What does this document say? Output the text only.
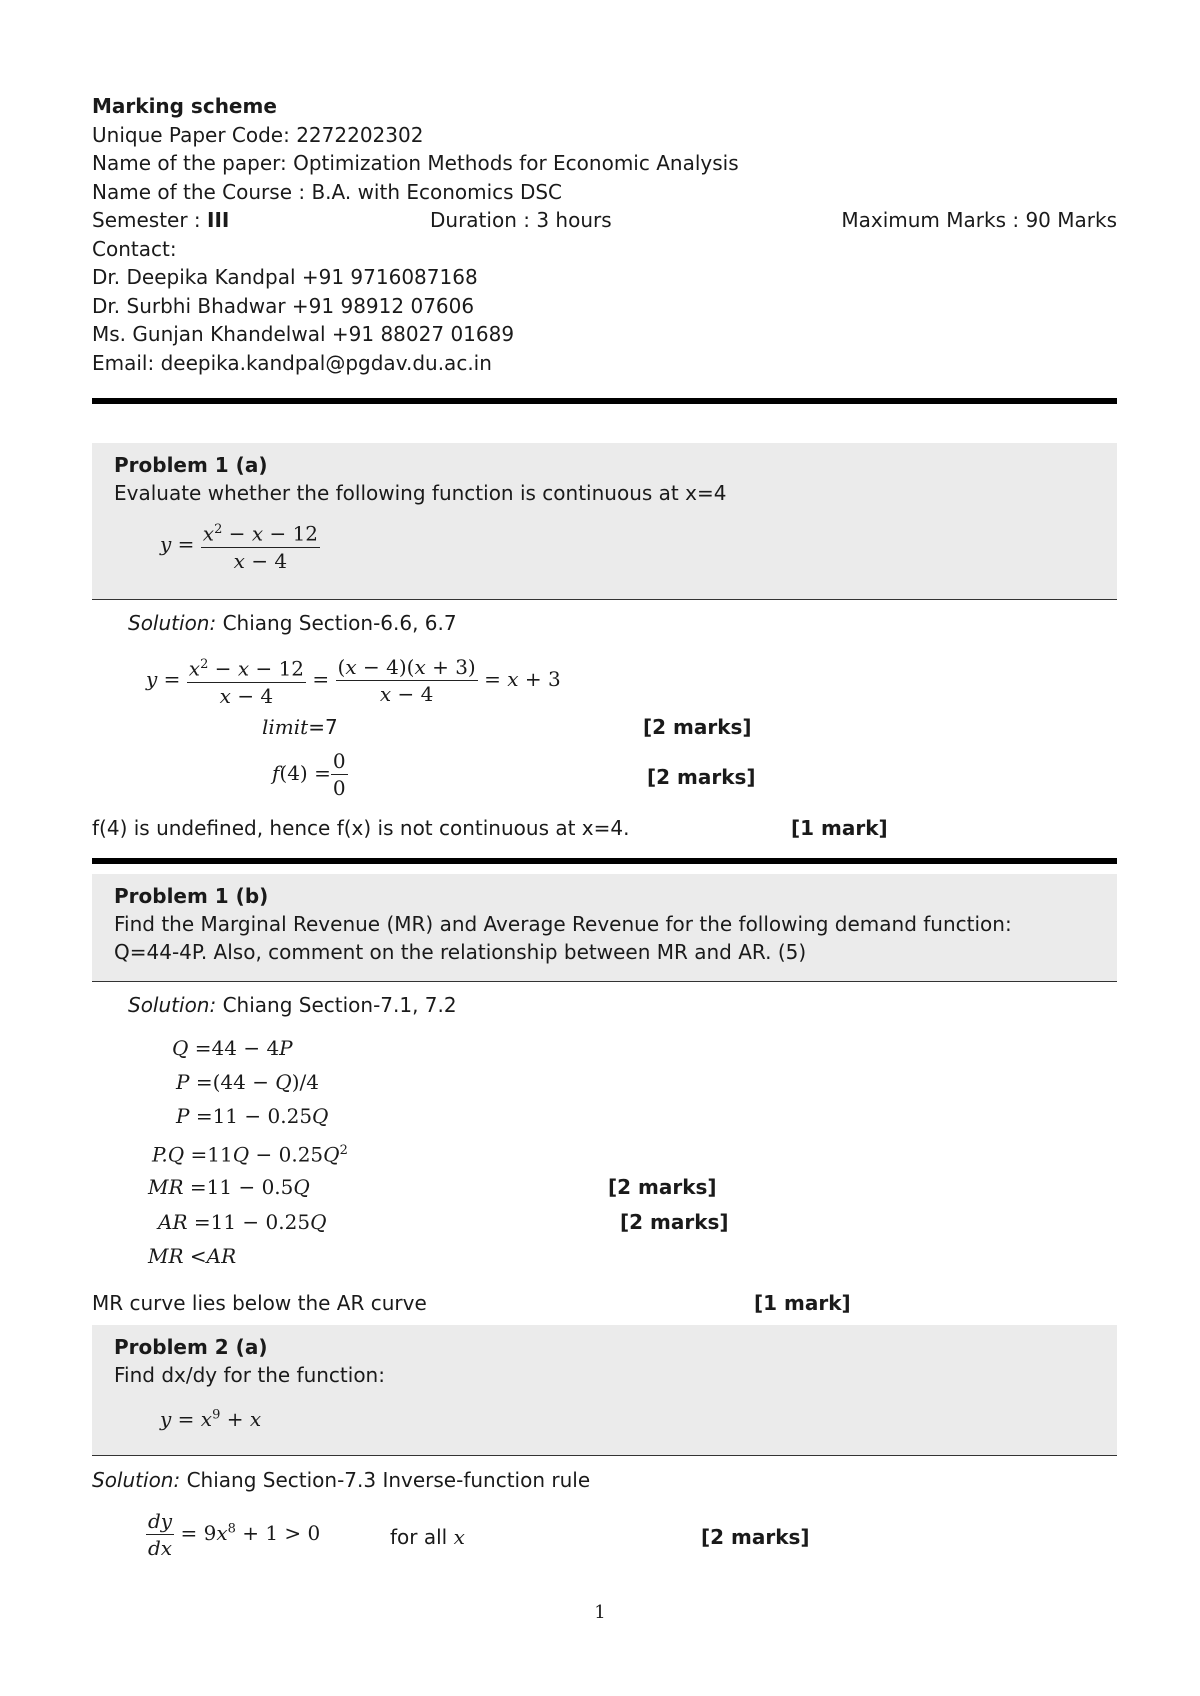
Marking scheme
Unique Paper Code: 2272202302
Name of the paper: Optimization Methods for Economic Analysis
Name of the Course : B.A. with Economics DSC
Semester : III	Duration : 3 hours	Maximum Marks : 90 Marks
Contact:
Dr. Deepika Kandpal +91 9716087168
Dr. Surbhi Bhadwar +91 98912 07606
Ms. Gunjan Khandelwal +91 88027 01689
Email: deepika.kandpal@pgdav.du.ac.in
Problem 1 (a)
Evaluate whether the following function is continuous at x=4
$y = \frac{x^2 - x - 12}{x - 4}$
Solution: Chiang Section-6.6, 6.7
$y = \frac{x^2 - x - 12}{x - 4} = \frac{(x - 4)(x + 3)}{x - 4} = x + 3$
limit=7	[2 marks]
$f(4) = \frac{0}{0}$	[2 marks]
f(4) is undefined, hence f(x) is not continuous at x=4.	[1 mark]
Problem 1 (b)
Find the Marginal Revenue (MR) and Average Revenue for the following demand function:
Q=44-4P. Also, comment on the relationship between MR and AR. (5)
Solution: Chiang Section-7.1, 7.2
Q =44 − 4P
P =(44 − Q)/4
P =11 − 0.25Q
$P.Q =11Q - 0.25Q^2$
MR =11 − 0.5Q	[2 marks]
AR =11 − 0.25Q	[2 marks]
MR <AR
MR curve lies below the AR curve	[1 mark]
Problem 2 (a)
Find dx/dy for the function:
$y = x^9 + x$
Solution: Chiang Section-7.3 Inverse-function rule
$\frac{dy}{dx} = 9x^8 + 1 > 0$	for all x	[2 marks]
1
